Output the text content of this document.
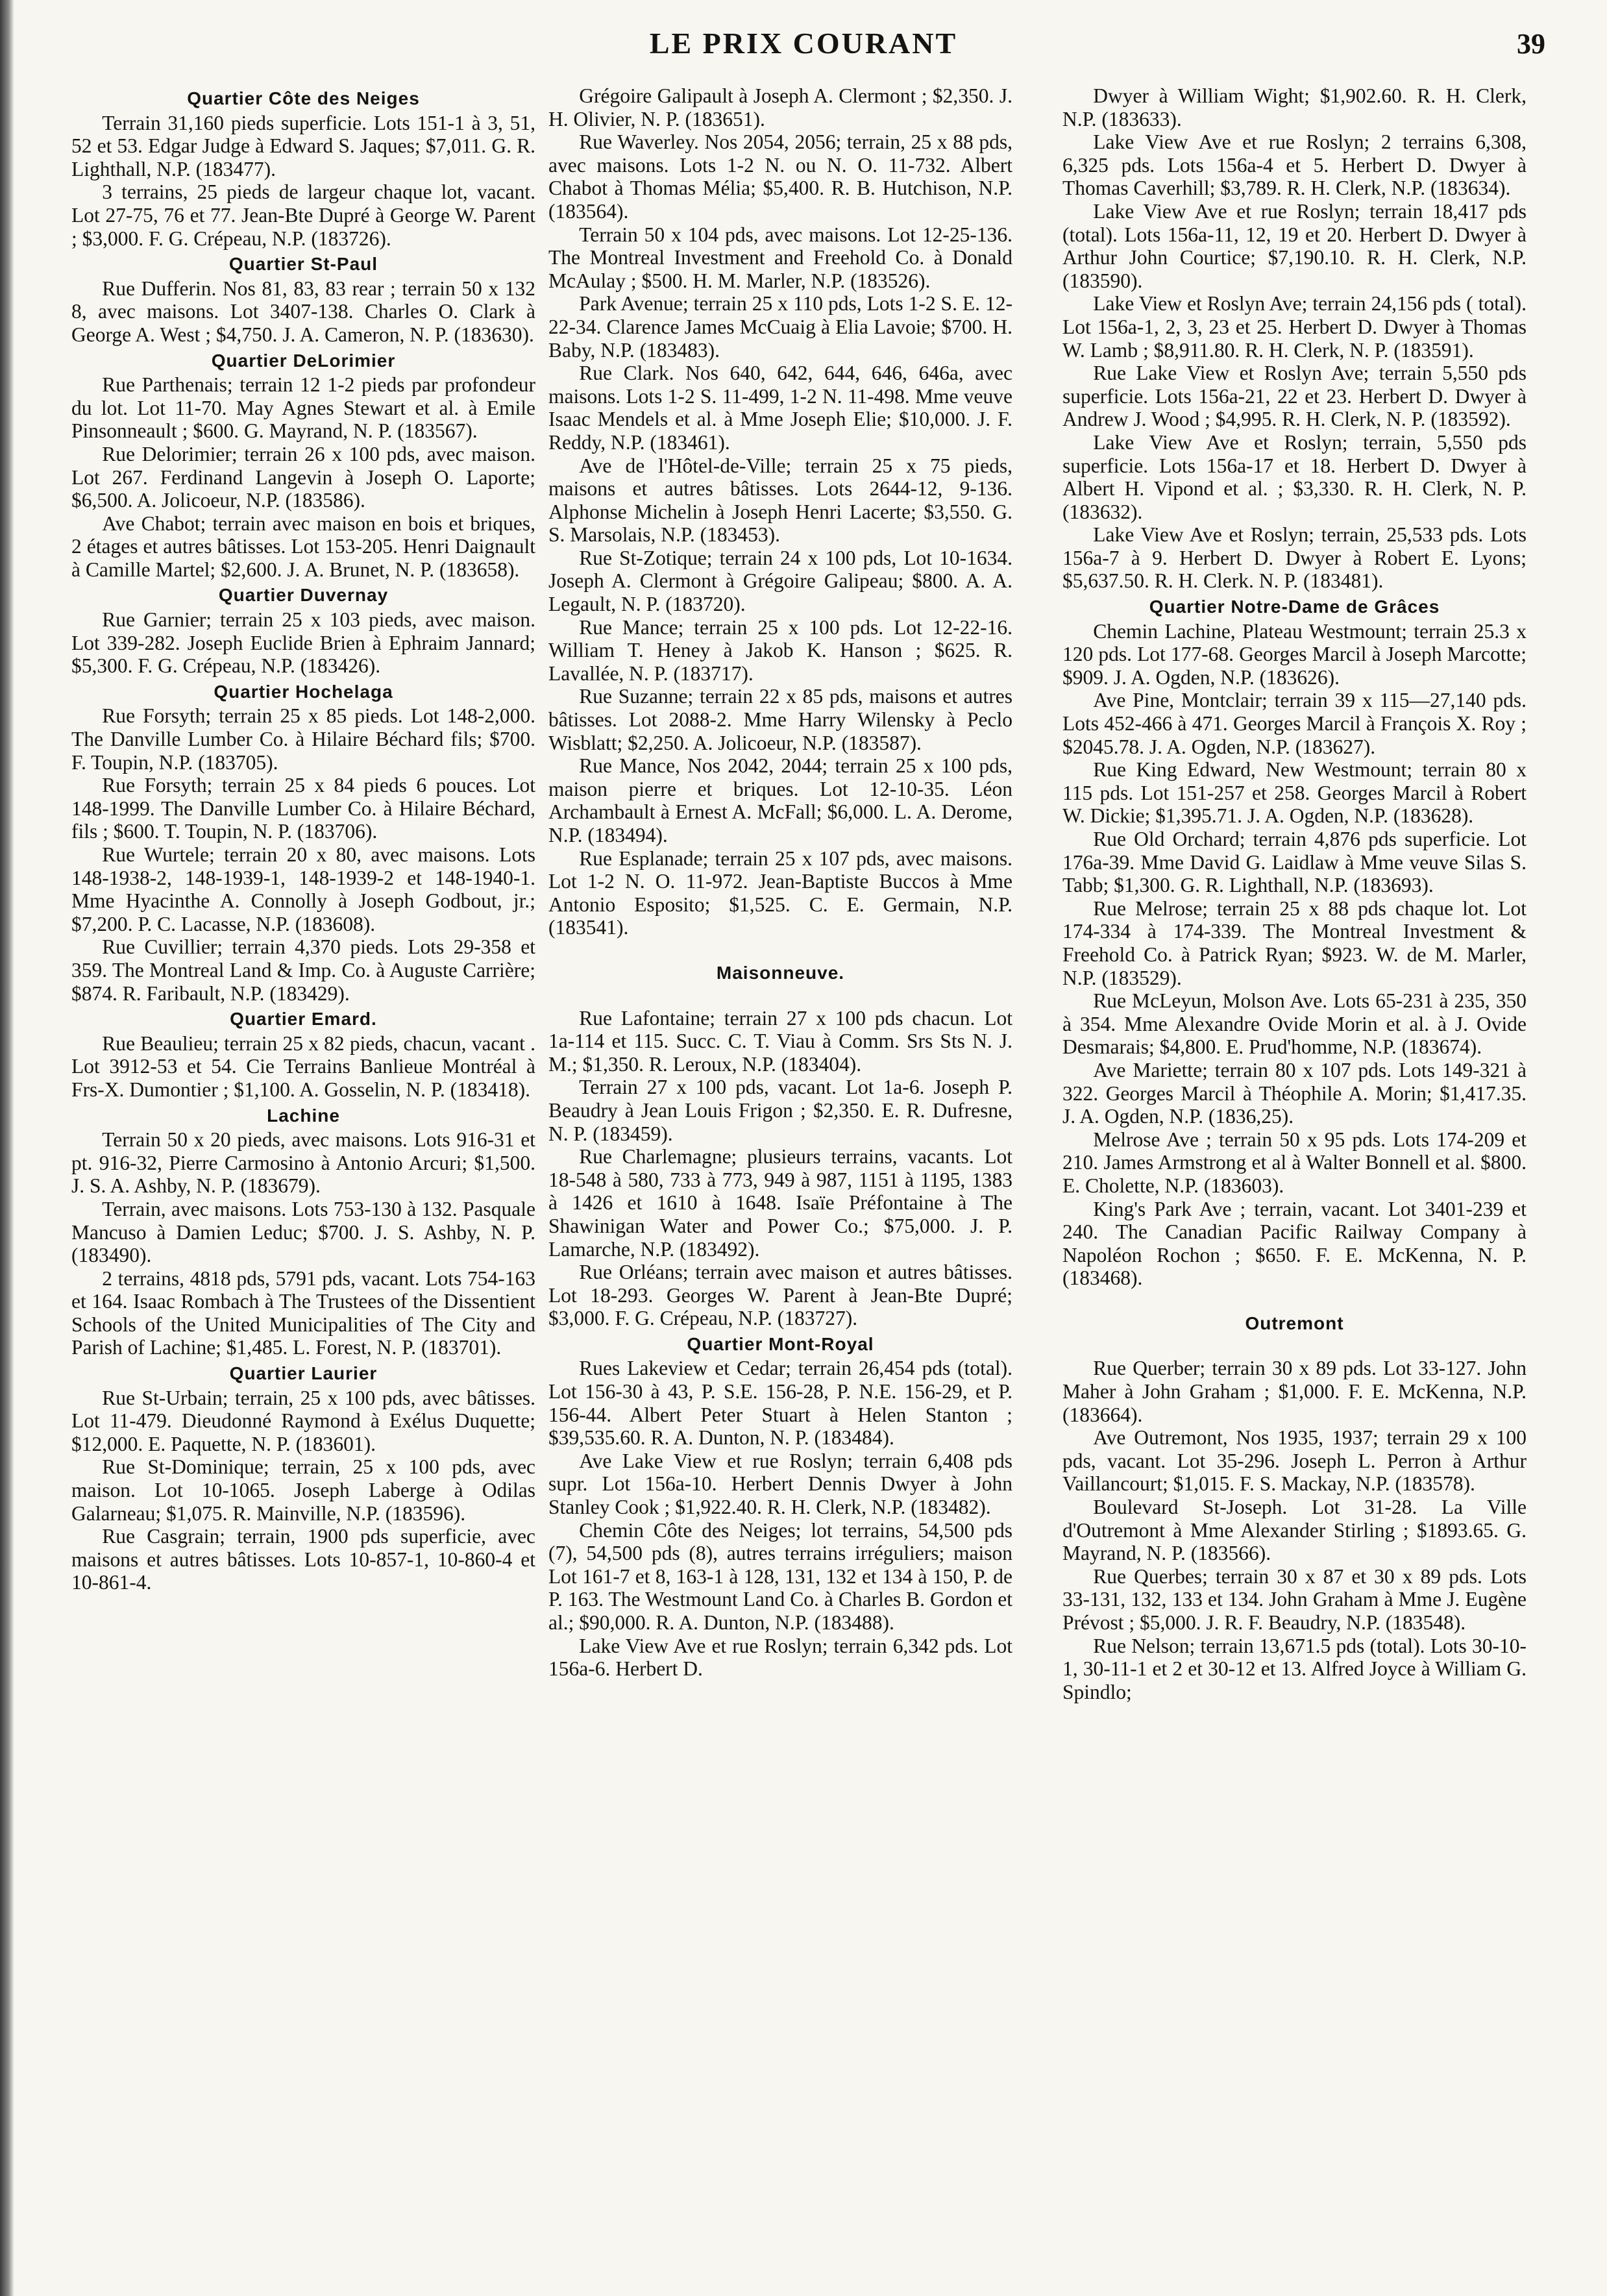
LE PRIX COURANT	39
Quartier Côte des Neiges

Terrain 31,160 pieds superficie. Lots 151-1 à 3, 51, 52 et 53. Edgar Judge à Edward S. Jaques; $7,011. G. R. Lighthall, N.P. (183477).

3 terrains, 25 pieds de largeur chaque lot, vacant. Lot 27-75, 76 et 77. Jean-Bte Dupré à George W. Parent ; $3,000. F. G. Crépeau, N.P. (183726).

Quartier St-Paul

Rue Dufferin. Nos 81, 83, 83 rear ; terrain 50 x 132 8, avec maisons. Lot 3407-138. Charles O. Clark à George A. West ; $4,750. J. A. Cameron, N. P. (183630).

Quartier DeLorimier

Rue Parthenais; terrain 12 1-2 pieds par profondeur du lot. Lot 11-70. May Agnes Stewart et al. à Emile Pinsonneault ; $600. G. Mayrand, N. P. (183567).

Rue Delorimier; terrain 26 x 100 pds, avec maison. Lot 267. Ferdinand Langevin à Joseph O. Laporte; $6,500. A. Jolicoeur, N.P. (183586).

Ave Chabot; terrain avec maison en bois et briques, 2 étages et autres bâtisses. Lot 153-205. Henri Daignault à Camille Martel; $2,600. J. A. Brunet, N. P. (183658).

Quartier Duvernay

Rue Garnier; terrain 25 x 103 pieds, avec maison. Lot 339-282. Joseph Euclide Brien à Ephraim Jannard; $5,300. F. G. Crépeau, N.P. (183426).

Quartier Hochelaga

Rue Forsyth; terrain 25 x 85 pieds. Lot 148-2,000. The Danville Lumber Co. à Hilaire Béchard fils; $700. F. Toupin, N.P. (183705).

Rue Forsyth; terrain 25 x 84 pieds 6 pouces. Lot 148-1999. The Danville Lumber Co. à Hilaire Béchard, fils ; $600. T. Toupin, N. P. (183706).

Rue Wurtele; terrain 20 x 80, avec maisons. Lots 148-1938-2, 148-1939-1, 148-1939-2 et 148-1940-1. Mme Hyacinthe A. Connolly à Joseph Godbout, jr.; $7,200. P. C. Lacasse, N.P. (183608).

Rue Cuvillier; terrain 4,370 pieds. Lots 29-358 et 359. The Montreal Land & Imp. Co. à Auguste Carrière; $874. R. Faribault, N.P. (183429).

Quartier Emard.

Rue Beaulieu; terrain 25 x 82 pieds, chacun, vacant . Lot 3912-53 et 54. Cie Terrains Banlieue Montréal à Frs-X. Dumontier ; $1,100. A. Gosselin, N. P. (183418).

Lachine

Terrain 50 x 20 pieds, avec maisons. Lots 916-31 et pt. 916-32, Pierre Carmosino à Antonio Arcuri; $1,500. J. S. A. Ashby, N. P. (183679).

Terrain, avec maisons. Lots 753-130 à 132. Pasquale Mancuso à Damien Leduc; $700. J. S. Ashby, N. P. (183490).

2 terrains, 4818 pds, 5791 pds, vacant. Lots 754-163 et 164. Isaac Rombach à The Trustees of the Dissentient Schools of the United Municipalities of The City and Parish of Lachine; $1,485. L. Forest, N. P. (183701).

Quartier Laurier

Rue St-Urbain; terrain, 25 x 100 pds, avec bâtisses. Lot 11-479. Dieudonné Raymond à Exélus Duquette; $12,000. E. Paquette, N. P. (183601).

Rue St-Dominique; terrain, 25 x 100 pds, avec maison. Lot 10-1065. Joseph Laberge à Odilas Galarneau; $1,075. R. Mainville, N.P. (183596).

Rue Casgrain; terrain, 1900 pds superficie, avec maisons et autres bâtisses. Lots 10-857-1, 10-860-4 et 10-861-4.

Grégoire Galipault à Joseph A. Clermont ; $2,350. J. H. Olivier, N. P. (183651).

Rue Waverley. Nos 2054, 2056; terrain, 25 x 88 pds, avec maisons. Lots 1-2 N. ou N. O. 11-732. Albert Chabot à Thomas Mélia; $5,400. R. B. Hutchison, N.P. (183564).

Terrain 50 x 104 pds, avec maisons. Lot 12-25-136. The Montreal Investment and Freehold Co. à Donald McAulay ; $500. H. M. Marler, N.P. (183526).

Park Avenue; terrain 25 x 110 pds, Lots 1-2 S. E. 12-22-34. Clarence James McCuaig à Elia Lavoie; $700. H. Baby, N.P. (183483).

Rue Clark. Nos 640, 642, 644, 646, 646a, avec maisons. Lots 1-2 S. 11-499, 1-2 N. 11-498. Mme veuve Isaac Mendels et al. à Mme Joseph Elie; $10,000. J. F. Reddy, N.P. (183461).

Ave de l'Hôtel-de-Ville; terrain 25 x 75 pieds, maisons et autres bâtisses. Lots 2644-12, 9-136. Alphonse Michelin à Joseph Henri Lacerte; $3,550. G. S. Marsolais, N.P. (183453).

Rue St-Zotique; terrain 24 x 100 pds, Lot 10-1634. Joseph A. Clermont à Grégoire Galipeau; $800. A. A. Legault, N. P. (183720).

Rue Mance; terrain 25 x 100 pds. Lot 12-22-16. William T. Heney à Jakob K. Hanson ; $625. R. Lavallée, N. P. (183717).

Rue Suzanne; terrain 22 x 85 pds, maisons et autres bâtisses. Lot 2088-2. Mme Harry Wilensky à Peclo Wisblatt; $2,250. A. Jolicoeur, N.P. (183587).

Rue Mance, Nos 2042, 2044; terrain 25 x 100 pds, maison pierre et briques. Lot 12-10-35. Léon Archambault à Ernest A. McFall; $6,000. L. A. Derome, N.P. (183494).

Rue Esplanade; terrain 25 x 107 pds, avec maisons. Lot 1-2 N. O. 11-972. Jean-Baptiste Buccos à Mme Antonio Esposito; $1,525. C. E. Germain, N.P. (183541).

Maisonneuve.

Rue Lafontaine; terrain 27 x 100 pds chacun. Lot 1a-114 et 115. Succ. C. T. Viau à Comm. Srs Sts N. J. M.; $1,350. R. Leroux, N.P. (183404).

Terrain 27 x 100 pds, vacant. Lot 1a-6. Joseph P. Beaudry à Jean Louis Frigon ; $2,350. E. R. Dufresne, N. P. (183459).

Rue Charlemagne; plusieurs terrains, vacants. Lot 18-548 à 580, 733 à 773, 949 à 987, 1151 à 1195, 1383 à 1426 et 1610 à 1648. Isaïe Préfontaine à The Shawinigan Water and Power Co.; $75,000. J. P. Lamarche, N.P. (183492).

Rue Orléans; terrain avec maison et autres bâtisses. Lot 18-293. Georges W. Parent à Jean-Bte Dupré; $3,000. F. G. Crépeau, N.P. (183727).

Quartier Mont-Royal

Rues Lakeview et Cedar; terrain 26,454 pds (total). Lot 156-30 à 43, P. S.E. 156-28, P. N.E. 156-29, et P. 156-44. Albert Peter Stuart à Helen Stanton ; $39,535.60. R. A. Dunton, N. P. (183484).

Ave Lake View et rue Roslyn; terrain 6,408 pds supr. Lot 156a-10. Herbert Dennis Dwyer à John Stanley Cook ; $1,922.40. R. H. Clerk, N.P. (183482).

Chemin Côte des Neiges; lot terrains, 54,500 pds (7), 54,500 pds (8), autres terrains irréguliers; maison Lot 161-7 et 8, 163-1 à 128, 131, 132 et 134 à 150, P. de P. 163. The Westmount Land Co. à Charles B. Gordon et al.; $90,000. R. A. Dunton, N.P. (183488).

Lake View Ave et rue Roslyn; terrain 6,342 pds. Lot 156a-6. Herbert D.

Dwyer à William Wight; $1,902.60. R. H. Clerk, N.P. (183633).

Lake View Ave et rue Roslyn; 2 terrains 6,308, 6,325 pds. Lots 156a-4 et 5. Herbert D. Dwyer à Thomas Caverhill; $3,789. R. H. Clerk, N.P. (183634).

Lake View Ave et rue Roslyn; terrain 18,417 pds (total). Lots 156a-11, 12, 19 et 20. Herbert D. Dwyer à Arthur John Courtice; $7,190.10. R. H. Clerk, N.P. (183590).

Lake View et Roslyn Ave; terrain 24,156 pds ( total). Lot 156a-1, 2, 3, 23 et 25. Herbert D. Dwyer à Thomas W. Lamb ; $8,911.80. R. H. Clerk, N. P. (183591).

Rue Lake View et Roslyn Ave; terrain 5,550 pds superficie. Lots 156a-21, 22 et 23. Herbert D. Dwyer à Andrew J. Wood ; $4,995. R. H. Clerk, N. P. (183592).

Lake View Ave et Roslyn; terrain, 5,550 pds superficie. Lots 156a-17 et 18. Herbert D. Dwyer à Albert H. Vipond et al. ; $3,330. R. H. Clerk, N. P. (183632).

Lake View Ave et Roslyn; terrain, 25,533 pds. Lots 156a-7 à 9. Herbert D. Dwyer à Robert E. Lyons; $5,637.50. R. H. Clerk. N. P. (183481).

Quartier Notre-Dame de Grâces

Chemin Lachine, Plateau Westmount; terrain 25.3 x 120 pds. Lot 177-68. Georges Marcil à Joseph Marcotte; $909. J. A. Ogden, N.P. (183626).

Ave Pine, Montclair; terrain 39 x 115—27,140 pds. Lots 452-466 à 471. Georges Marcil à François X. Roy ; $2045.78. J. A. Ogden, N.P. (183627).

Rue King Edward, New Westmount; terrain 80 x 115 pds. Lot 151-257 et 258. Georges Marcil à Robert W. Dickie; $1,395.71. J. A. Ogden, N.P. (183628).

Rue Old Orchard; terrain 4,876 pds superficie. Lot 176a-39. Mme David G. Laidlaw à Mme veuve Silas S. Tabb; $1,300. G. R. Lighthall, N.P. (183693).

Rue Melrose; terrain 25 x 88 pds chaque lot. Lot 174-334 à 174-339. The Montreal Investment & Freehold Co. à Patrick Ryan; $923. W. de M. Marler, N.P. (183529).

Rue McLeyun, Molson Ave. Lots 65-231 à 235, 350 à 354. Mme Alexandre Ovide Morin et al. à J. Ovide Desmarais; $4,800. E. Prud'homme, N.P. (183674).

Ave Mariette; terrain 80 x 107 pds. Lots 149-321 à 322. Georges Marcil à Théophile A. Morin; $1,417.35. J. A. Ogden, N.P. (1836,25).

Melrose Ave ; terrain 50 x 95 pds. Lots 174-209 et 210. James Armstrong et al à Walter Bonnell et al. $800. E. Cholette, N.P. (183603).

King's Park Ave ; terrain, vacant. Lot 3401-239 et 240. The Canadian Pacific Railway Company à Napoléon Rochon ; $650. F. E. McKenna, N. P. (183468).

Outremont

Rue Querber; terrain 30 x 89 pds. Lot 33-127. John Maher à John Graham ; $1,000. F. E. McKenna, N.P. (183664).

Ave Outremont, Nos 1935, 1937; terrain 29 x 100 pds, vacant. Lot 35-296. Joseph L. Perron à Arthur Vaillancourt; $1,015. F. S. Mackay, N.P. (183578).

Boulevard St-Joseph. Lot 31-28. La Ville d'Outremont à Mme Alexander Stirling ; $1893.65. G. Mayrand, N. P. (183566).

Rue Querbes; terrain 30 x 87 et 30 x 89 pds. Lots 33-131, 132, 133 et 134. John Graham à Mme J. Eugène Prévost ; $5,000. J. R. F. Beaudry, N.P. (183548).

Rue Nelson; terrain 13,671.5 pds (total). Lots 30-10-1, 30-11-1 et 2 et 30-12 et 13. Alfred Joyce à William G. Spindlo;
